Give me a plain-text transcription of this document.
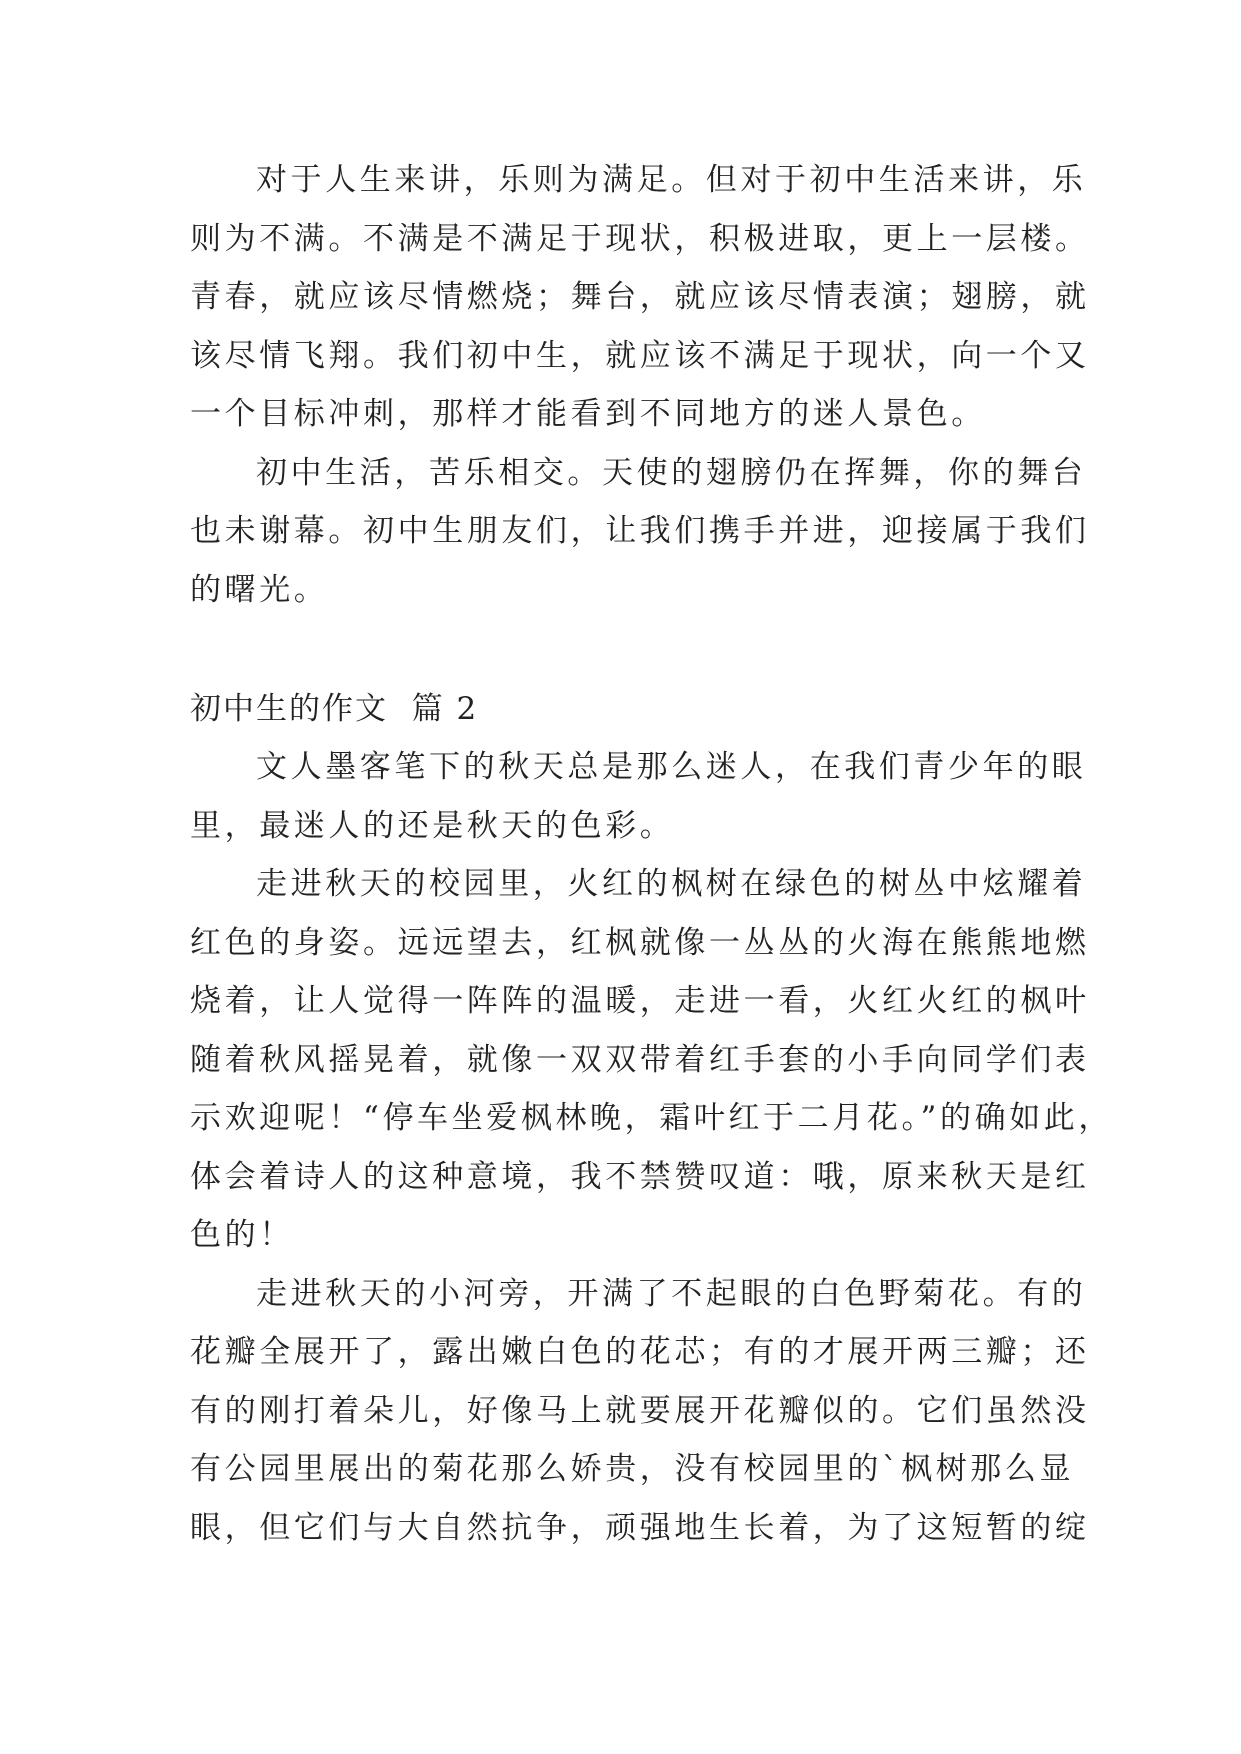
对于人生来讲，乐则为满足。但对于初中生活来讲，乐
则为不满。不满是不满足于现状，积极进取，更上一层楼。
青春，就应该尽情燃烧；舞台，就应该尽情表演；翅膀，就
该尽情飞翔。我们初中生，就应该不满足于现状，向一个又
一个目标冲刺，那样才能看到不同地方的迷人景色。
初中生活，苦乐相交。天使的翅膀仍在挥舞，你的舞台
也未谢幕。初中生朋友们，让我们携手并进，迎接属于我们
的曙光。
初中生的作文  篇 2
文人墨客笔下的秋天总是那么迷人，在我们青少年的眼
里，最迷人的还是秋天的色彩。
走进秋天的校园里，火红的枫树在绿色的树丛中炫耀着
红色的身姿。远远望去，红枫就像一丛丛的火海在熊熊地燃
烧着，让人觉得一阵阵的温暖，走进一看，火红火红的枫叶
随着秋风摇晃着，就像一双双带着红手套的小手向同学们表
示欢迎呢！“停车坐爱枫林晚，霜叶红于二月花。”的确如此，
体会着诗人的这种意境，我不禁赞叹道：哦，原来秋天是红
色的！
走进秋天的小河旁，开满了不起眼的白色野菊花。有的
花瓣全展开了，露出嫩白色的花芯；有的才展开两三瓣；还
有的刚打着朵儿，好像马上就要展开花瓣似的。它们虽然没
有公园里展出的菊花那么娇贵，没有校园里的`枫树那么显
眼，但它们与大自然抗争，顽强地生长着，为了这短暂的绽
